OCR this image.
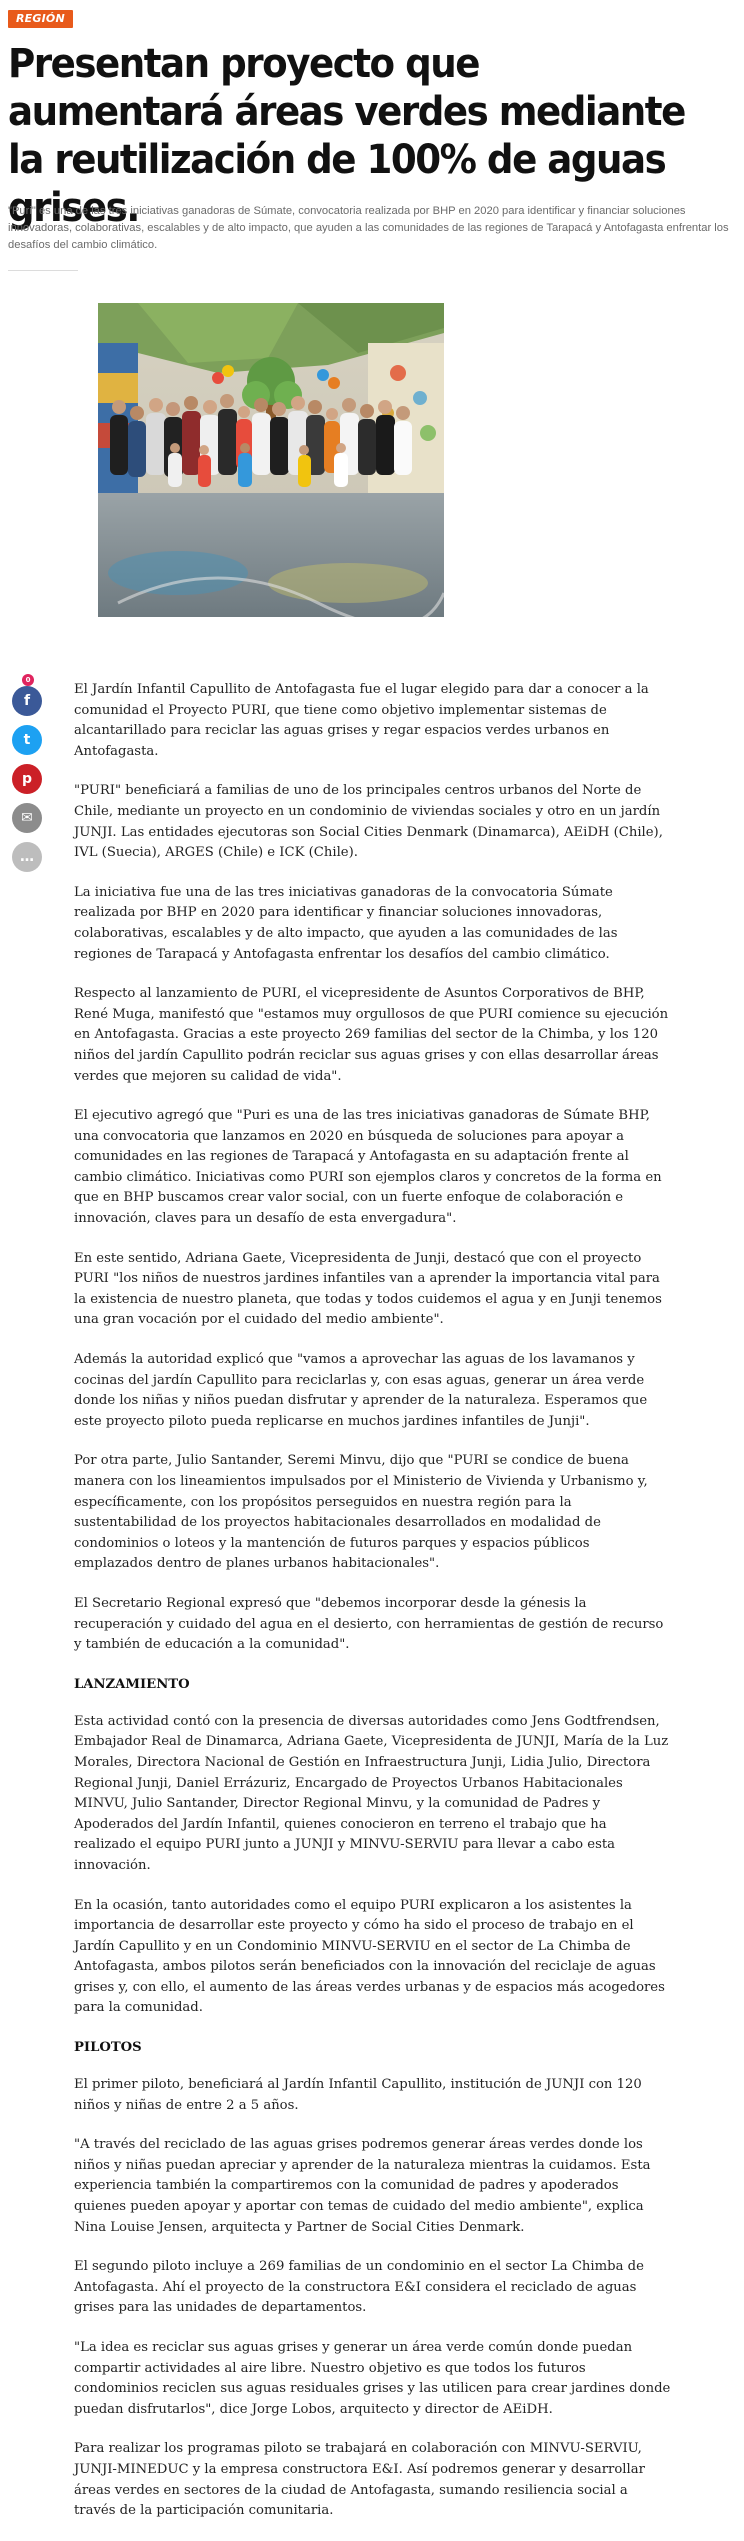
REGIÓN
Presentan proyecto que aumentará áreas verdes mediante la reutilización de 100% de aguas grises.

"Puri" es una de las tres iniciativas ganadoras de Súmate, convocatoria realizada por BHP en 2020 para identificar y financiar soluciones innovadoras, colaborativas, escalables y de alto impacto, que ayuden a las comunidades de las regiones de Tarapacá y Antofagasta enfrentar los desafíos del cambio climático.

0
f
t
p
✉
…

El Jardín Infantil Capullito de Antofagasta fue el lugar elegido para dar a conocer a la comunidad el Proyecto PURI, que tiene como objetivo implementar sistemas de alcantarillado para reciclar las aguas grises y regar espacios verdes urbanos en Antofagasta.

"PURI" beneficiará a familias de uno de los principales centros urbanos del Norte de Chile, mediante un proyecto en un condominio de viviendas sociales y otro en un jardín JUNJI. Las entidades ejecutoras son Social Cities Denmark (Dinamarca), AEiDH (Chile), IVL (Suecia), ARGES (Chile) e ICK (Chile).

La iniciativa fue una de las tres iniciativas ganadoras de la convocatoria Súmate realizada por BHP en 2020 para identificar y financiar soluciones innovadoras, colaborativas, escalables y de alto impacto, que ayuden a las comunidades de las regiones de Tarapacá y Antofagasta enfrentar los desafíos del cambio climático.

Respecto al lanzamiento de PURI, el vicepresidente de Asuntos Corporativos de BHP, René Muga, manifestó que "estamos muy orgullosos de que PURI comience su ejecución en Antofagasta. Gracias a este proyecto 269 familias del sector de la Chimba, y los 120 niños del jardín Capullito podrán reciclar sus aguas grises y con ellas desarrollar áreas verdes que mejoren su calidad de vida".

El ejecutivo agregó que "Puri es una de las tres iniciativas ganadoras de Súmate BHP, una convocatoria que lanzamos en 2020 en búsqueda de soluciones para apoyar a comunidades en las regiones de Tarapacá y Antofagasta en su adaptación frente al cambio climático. Iniciativas como PURI son ejemplos claros y concretos de la forma en que en BHP buscamos crear valor social, con un fuerte enfoque de colaboración e innovación, claves para un desafío de esta envergadura".

En este sentido, Adriana Gaete, Vicepresidenta de Junji, destacó que con el proyecto PURI "los niños de nuestros jardines infantiles van a aprender la importancia vital para la existencia de nuestro planeta, que todas y todos cuidemos el agua y en Junji tenemos una gran vocación por el cuidado del medio ambiente".

Además la autoridad explicó que "vamos a aprovechar las aguas de los lavamanos y cocinas del jardín Capullito para reciclarlas y, con esas aguas, generar un área verde donde los niñas y niños puedan disfrutar y aprender de la naturaleza. Esperamos que este proyecto piloto pueda replicarse en muchos jardines infantiles de Junji".

Por otra parte, Julio Santander, Seremi Minvu, dijo que "PURI se condice de buena manera con los lineamientos impulsados por el Ministerio de Vivienda y Urbanismo y, específicamente, con los propósitos perseguidos en nuestra región para la sustentabilidad de los proyectos habitacionales desarrollados en modalidad de condominios o loteos y la mantención de futuros parques y espacios públicos emplazados dentro de planes urbanos habitacionales".

El Secretario Regional expresó que "debemos incorporar desde la génesis la recuperación y cuidado del agua en el desierto, con herramientas de gestión de recurso y también de educación a la comunidad".

LANZAMIENTO

Esta actividad contó con la presencia de diversas autoridades como Jens Godtfrendsen, Embajador Real de Dinamarca, Adriana Gaete, Vicepresidenta de JUNJI, María de la Luz Morales, Directora Nacional de Gestión en Infraestructura Junji, Lidia Julio, Directora Regional Junji, Daniel Errázuriz, Encargado de Proyectos Urbanos Habitacionales MINVU, Julio Santander, Director Regional Minvu, y la comunidad de Padres y Apoderados del Jardín Infantil, quienes conocieron en terreno el trabajo que ha realizado el equipo PURI junto a JUNJI y MINVU-SERVIU para llevar a cabo esta innovación.

En la ocasión, tanto autoridades como el equipo PURI explicaron a los asistentes la importancia de desarrollar este proyecto y cómo ha sido el proceso de trabajo en el Jardín Capullito y en un Condominio MINVU-SERVIU en el sector de La Chimba de Antofagasta, ambos pilotos serán beneficiados con la innovación del reciclaje de aguas grises y, con ello, el aumento de las áreas verdes urbanas y de espacios más acogedores para la comunidad.

PILOTOS

El primer piloto, beneficiará al Jardín Infantil Capullito, institución de JUNJI con 120 niños y niñas de entre 2 a 5 años.

"A través del reciclado de las aguas grises podremos generar áreas verdes donde los niños y niñas puedan apreciar y aprender de la naturaleza mientras la cuidamos. Esta experiencia también la compartiremos con la comunidad de padres y apoderados quienes pueden apoyar y aportar con temas de cuidado del medio ambiente", explica Nina Louise Jensen, arquitecta y Partner de Social Cities Denmark.

El segundo piloto incluye a 269 familias de un condominio en el sector La Chimba de Antofagasta. Ahí el proyecto de la constructora E&I considera el reciclado de aguas grises para las unidades de departamentos.

"La idea es reciclar sus aguas grises y generar un área verde común donde puedan compartir actividades al aire libre. Nuestro objetivo es que todos los futuros condominios reciclen sus aguas residuales grises y las utilicen para crear jardines donde puedan disfrutarlos", dice Jorge Lobos, arquitecto y director de AEiDH.

Para realizar los programas piloto se trabajará en colaboración con MINVU-SERVIU, JUNJI-MINEDUC y la empresa constructora E&I. Así podremos generar y desarrollar áreas verdes en sectores de la ciudad de Antofagasta, sumando resiliencia social a través de la participación comunitaria.
